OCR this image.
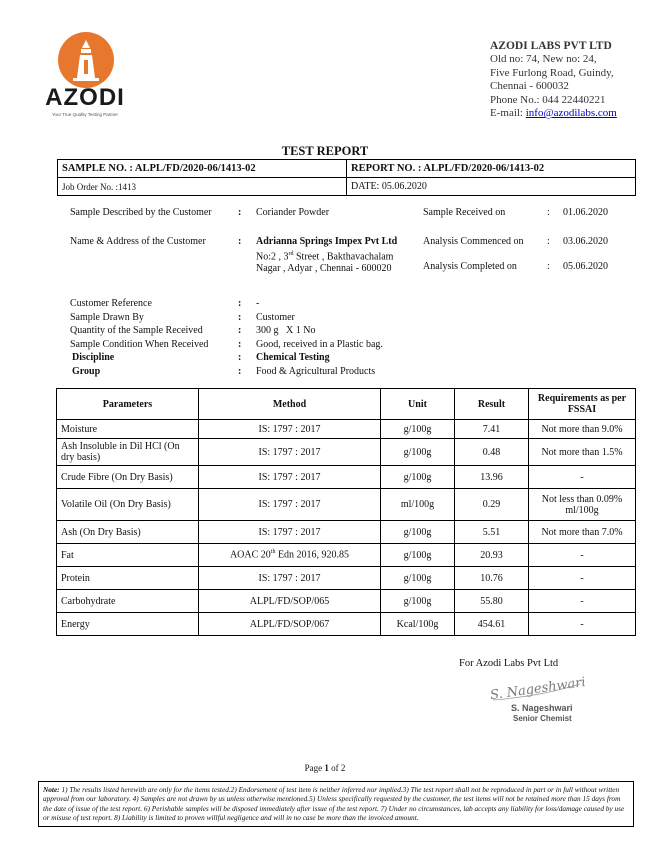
AZODI
Your True Quality Testing Partner
AZODI LABS PVT LTD
Old no: 74, New no: 24,
Five Furlong Road, Guindy,
Chennai - 600032
Phone No.: 044 22440221
E-mail: info@azodilabs.com
TEST REPORT
SAMPLE NO. : ALPL/FD/2020-06/1413-02	REPORT NO. : ALPL/FD/2020-06/1413-02
Job Order No. :1413	DATE: 05.06.2020
Sample Described by the Customer	: Coriander Powder
Name & Address of the Customer	: Adrianna Springs Impex Pvt Ltd
No:2 , 3rd Street , Bakthavachalam
Nagar , Adyar , Chennai - 600020
Sample Received on	: 01.06.2020
Analysis Commenced on : 03.06.2020
Analysis Completed on	: 05.06.2020
Customer Reference	: -
Sample Drawn By	: Customer
Quantity of the Sample Received	: 300 g   X 1 No
Sample Condition When Received	: Good, received in a Plastic bag.
Discipline	: Chemical Testing
Group	: Food & Agricultural Products
Parameters	Method	Unit	Result	Requirements as per FSSAI
Moisture	IS: 1797 : 2017	g/100g	7.41	Not more than 9.0%
Ash Insoluble in Dil HCl (On dry basis)	IS: 1797 : 2017	g/100g	0.48	Not more than 1.5%
Crude Fibre (On Dry Basis)	IS: 1797 : 2017	g/100g	13.96	-
Volatile Oil (On Dry Basis)	IS: 1797 : 2017	ml/100g	0.29	Not less than 0.09% ml/100g
Ash (On Dry Basis)	IS: 1797 : 2017	g/100g	5.51	Not more than 7.0%
Fat	AOAC 20th Edn 2016, 920.85	g/100g	20.93	-
Protein	IS: 1797 : 2017	g/100g	10.76	-
Carbohydrate	ALPL/FD/SOP/065	g/100g	55.80	-
Energy	ALPL/FD/SOP/067	Kcal/100g	454.61	-
For Azodi Labs Pvt Ltd
S. Nageshwari
S. Nageshwari
Senior Chemist
Page 1 of 2
Note: 1) The results listed herewith are only for the items tested.2) Endorsement of test item is neither inferred nor implied.3) The test report shall not be reproduced in part or in full without written approval from our laboratory. 4) Samples are not drawn by us unless otherwise mentioned.5) Unless specifically requested by the customer, the test items will not be retained more than 15 days from the date of issue of the test report. 6) Perishable samples will be disposed immediately after issue of the test report. 7) Under no circumstances, lab accepts any liability for loss/damage caused by use or misuse of test report. 8) Liability is limited to proven willful negligence and will in no case be more than the invoiced amount.
